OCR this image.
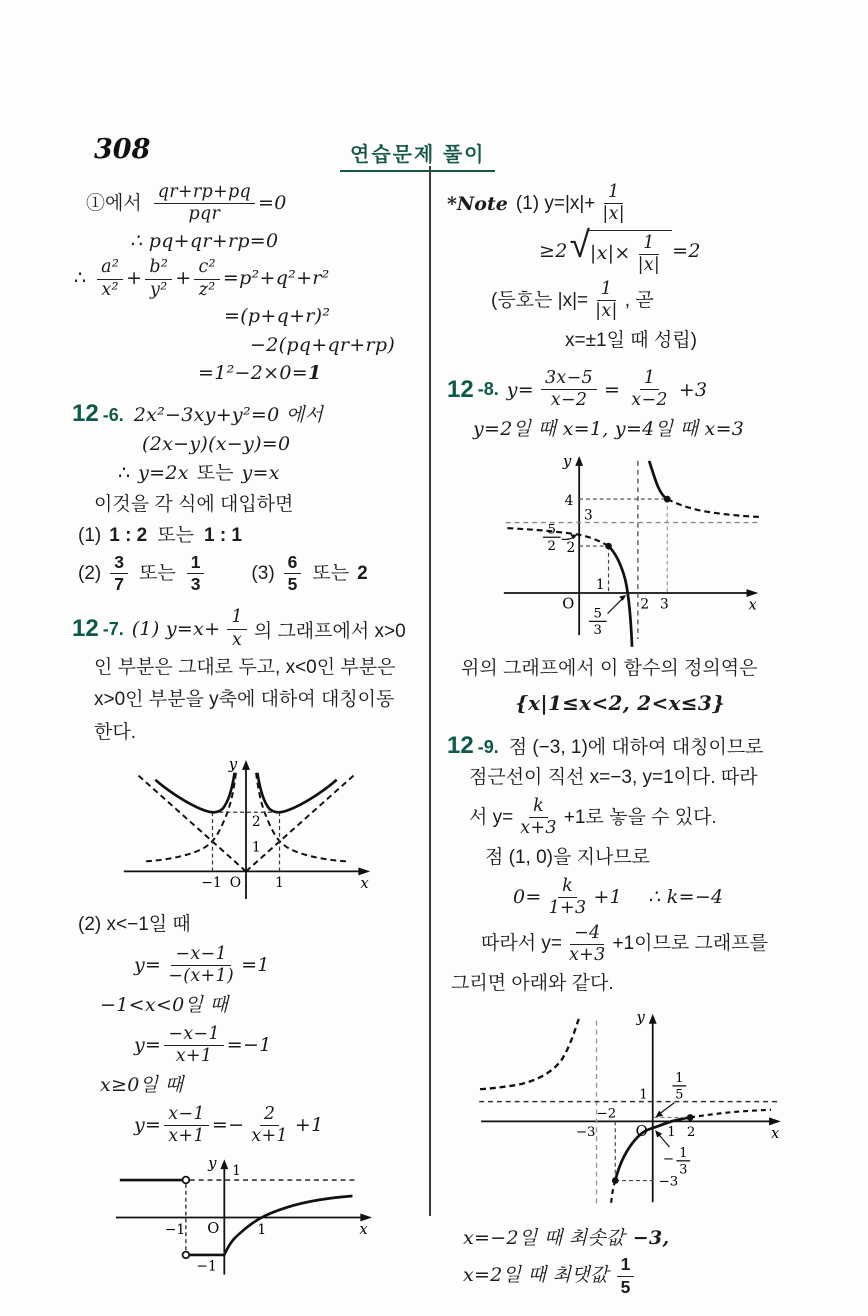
308	연습문제 풀이
①에서 $\frac{qr+rp+pq}{\text{pqr}} =0$
∴ pq+qr+rp=0
∴ $\frac{\text{a²}}{\text{x²}} + \frac{\text{b²}}{\text{y²}} + \frac{\text{c²}}{\text{z²}} =p^2+q^2+r^2$
=(p+q+r)²
−2(pq+qr+rp)
=1²−2×0= 1
12 -6. 2x²−3xy+y²=0 에서
(2x−y)(x−y)=0
∴ y=2x 또는 y=x
이것을 각 식에 대입하면
(1) 1 : 2 또는 1 : 1
$(2) \frac{3}{7}$ 또는 $\frac{1}{3} (3) \frac{6}{5}$ 또는 2
12 -7. (1) $y=x+ \frac{1}{x}$ 의 그래프에서 x>0
인 부분은 그대로 두고, x<0인 부분은
x>0인 부분을 y축에 대하여 대칭이동
한다.
y
x
O
−1	1
1
2
(2) x<−1일 때
$y= \frac{-x-1}{-(x+1)} =1$
−1<x<0일 때
$y= \frac{-x-1}{x+1} =-1$
x≥0일 때
$y= \frac{x-1}{x+1} =- \frac{2}{x+1} +1$
y
x
O
1
−1	1
−1
*Note (1) $y=|x|+ \frac{1}{|x|}$
≥2 √ $|x|\times \frac{1}{|x|} =2$
(등호는 $|x|= \frac{1}{|x|}$ , 곧
x=±1일 때 성립)
12 -8. $y= \frac{3x-5}{x-2} = \frac{1}{x-2} +3$
y=2일 때 x=1, y=4일 때 x=3
y
x
O
4
3
2
1
5
2
5
3
2 3
위의 그래프에서 이 함수의 정의역은
{x|1≤x<2, 2<x≤3}
12 -9. 점 (−3, 1)에 대하여 대칭이므로
점근선이 직선 x=−3, y=1이다. 따라
서 $y= \frac{k}{x+3} +1$로 놓을 수 있다.
점 (1, 0)을 지나므로
$0= \frac{k}{1+3} +1$ ∴ k=−4
따라서 $y= \frac{-4}{x+3} +1$이므로 그래프를
그리면 아래와 같다.
y
x
O
−3
−2
1 2
1
1
5
− 1
3
−3
x=−2일 때 최솟값 −3,
x=2일 때 최댓값 $\frac{1}{5}$
